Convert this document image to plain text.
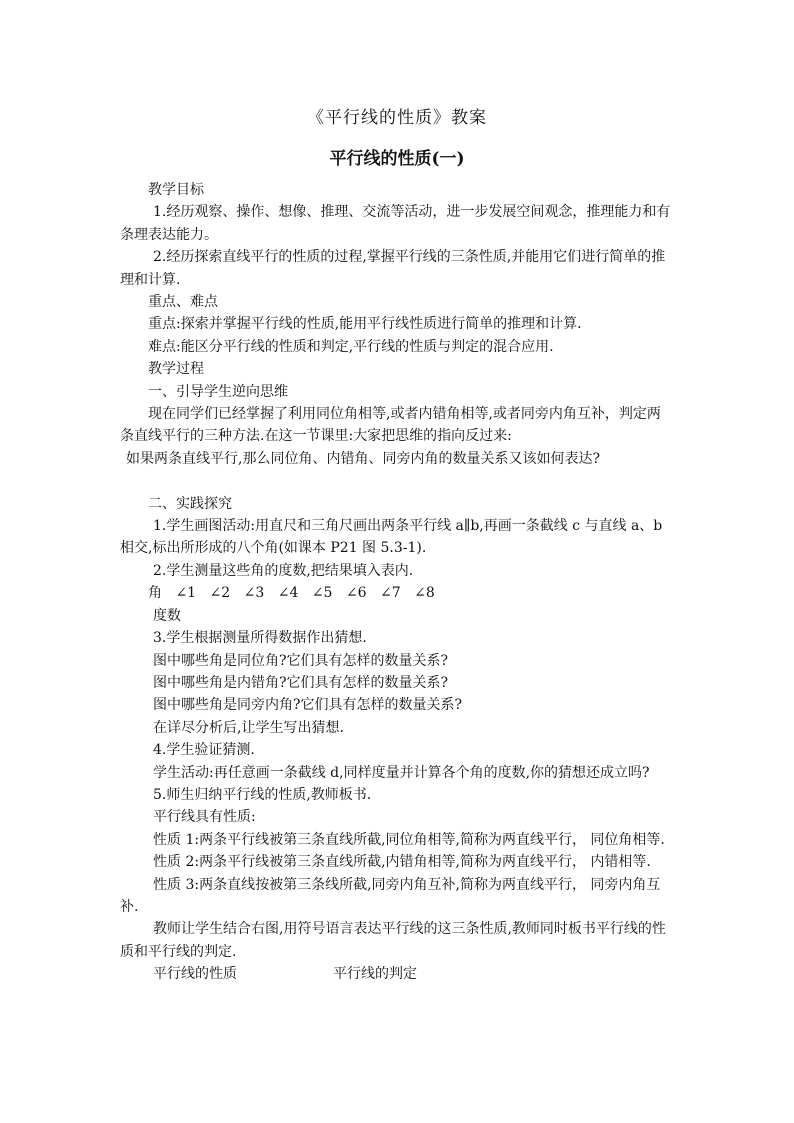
《平行线的性质》教案
平行线的性质(一)

教学目标

1.经历观察、操作、想像、推理、交流等活动，进一步发展空间观念，推理能力和有条理表达能力。

2.经历探索直线平行的性质的过程,掌握平行线的三条性质,并能用它们进行简单的推理和计算.

重点、难点

重点:探索并掌握平行线的性质,能用平行线性质进行简单的推理和计算.

难点:能区分平行线的性质和判定,平行线的性质与判定的混合应用.

教学过程

一、引导学生逆向思维

现在同学们已经掌握了利用同位角相等,或者内错角相等,或者同旁内角互补，判定两条直线平行的三种方法.在这一节课里:大家把思维的指向反过来:

如果两条直线平行,那么同位角、内错角、同旁内角的数量关系又该如何表达?

二、实践探究

1.学生画图活动:用直尺和三角尺画出两条平行线 a∥b,再画一条截线 c 与直线 a、b 相交,标出所形成的八个角(如课本 P21 图 5.3-1).

2.学生测量这些角的度数,把结果填入表内.

角 ∠1 ∠2 ∠3 ∠4 ∠5 ∠6 ∠7 ∠8

度数

3.学生根据测量所得数据作出猜想.

图中哪些角是同位角?它们具有怎样的数量关系?

图中哪些角是内错角?它们具有怎样的数量关系?

图中哪些角是同旁内角?它们具有怎样的数量关系?

在详尽分析后,让学生写出猜想.

4.学生验证猜测.

学生活动:再任意画一条截线 d,同样度量并计算各个角的度数,你的猜想还成立吗?

5.师生归纳平行线的性质,教师板书.

平行线具有性质:

性质 1:两条平行线被第三条直线所截,同位角相等,简称为两直线平行， 同位角相等.

性质 2:两条平行线被第三条直线所截,内错角相等,简称为两直线平行， 内错相等.

性质 3:两条直线按被第三条线所截,同旁内角互补,简称为两直线平行， 同旁内角互补.

教师让学生结合右图,用符号语言表达平行线的这三条性质,教师同时板书平行线的性质和平行线的判定.

平行线的性质	平行线的判定
